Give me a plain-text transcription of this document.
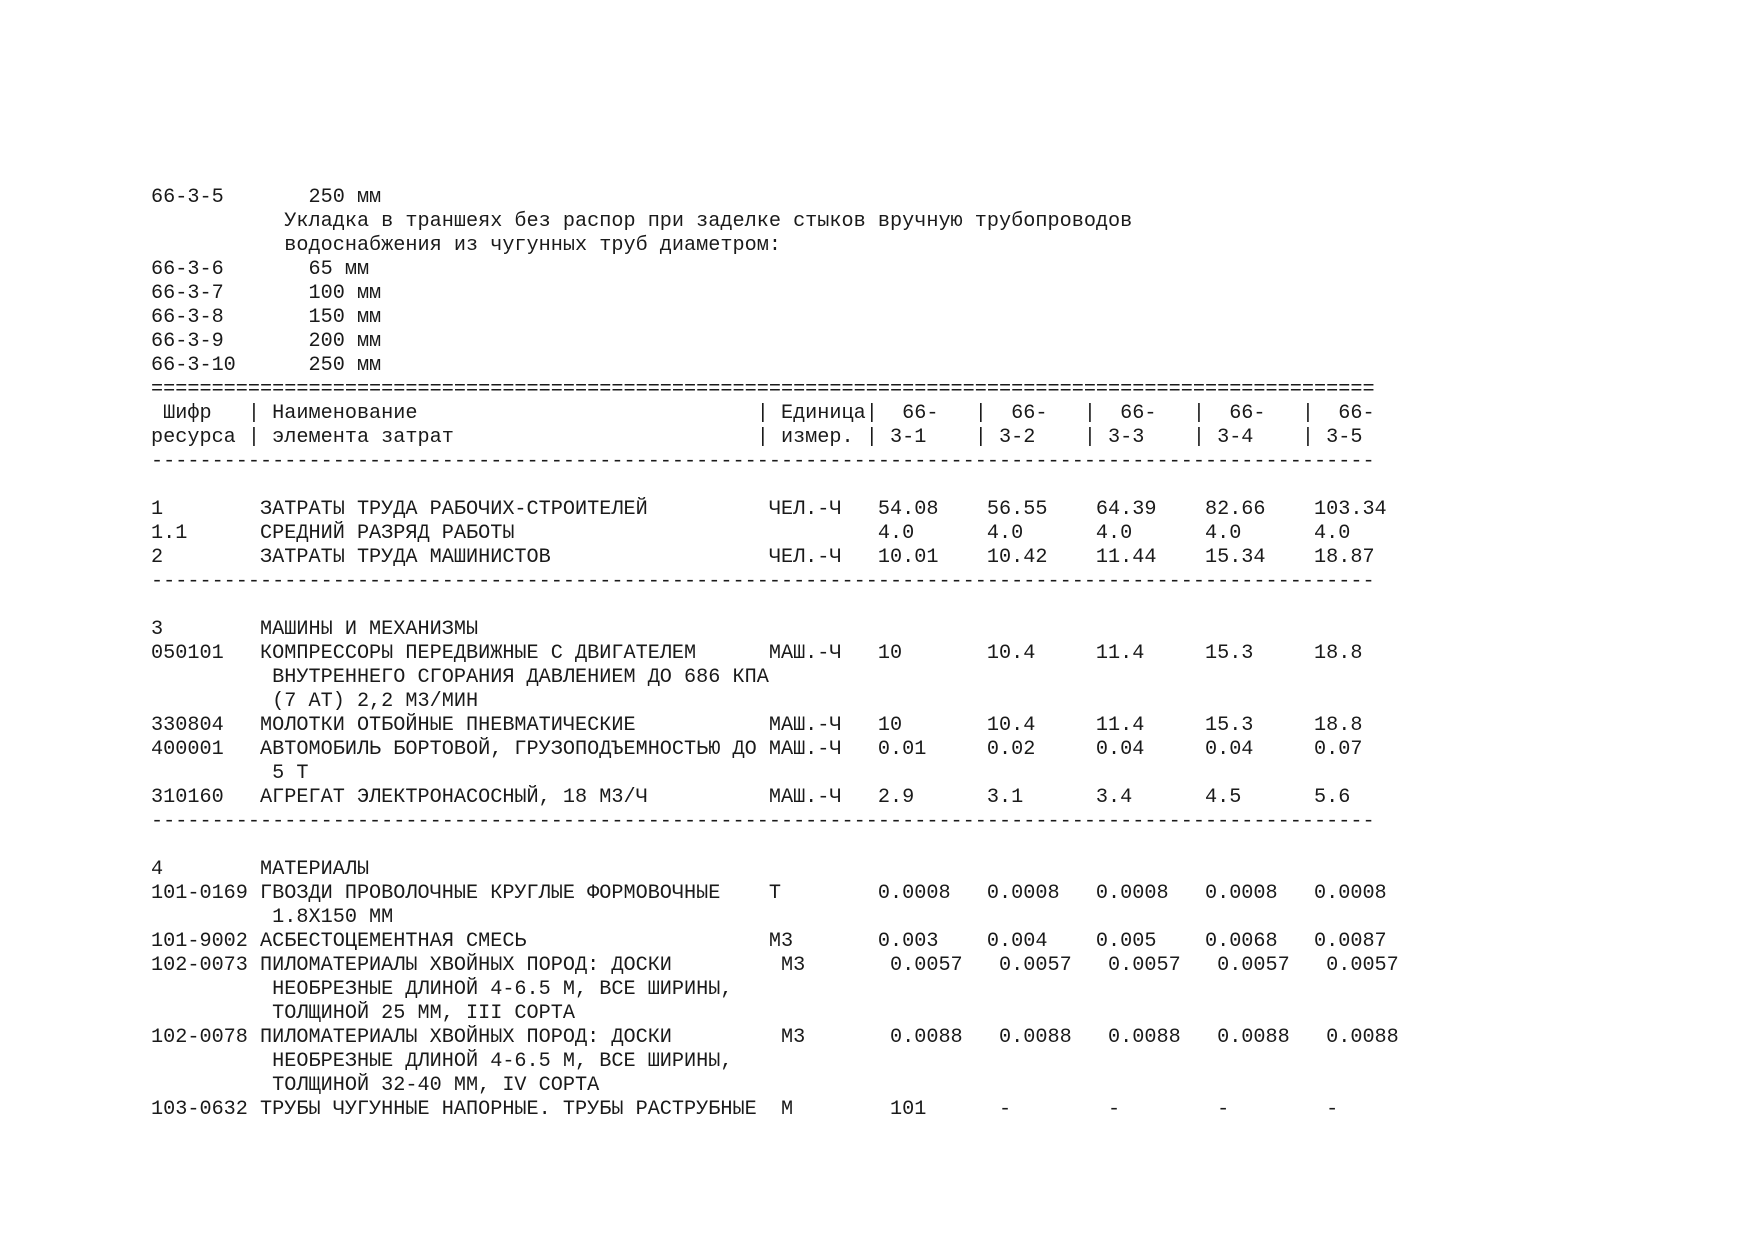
66-3-5       250 мм
Укладка в траншеях без распор при заделке стыков вручную трубопроводов
водоснабжения из чугунных труб диаметром:
66-3-6       65 мм
66-3-7       100 мм
66-3-8       150 мм
66-3-9       200 мм
66-3-10      250 мм
=====================================================================================================
Шифр   | Наименование                            | Единица|  66-   |  66-   |  66-   |  66-   |  66-
ресурса | элемента затрат                         | измер. | 3-1    | 3-2    | 3-3    | 3-4    | 3-5
-----------------------------------------------------------------------------------------------------
1        ЗАТРАТЫ ТРУДА РАБОЧИХ-СТРОИТЕЛЕЙ          ЧЕЛ.-Ч   54.08    56.55    64.39    82.66    103.34
1.1      СРЕДНИЙ РАЗРЯД РАБОТЫ                              4.0      4.0      4.0      4.0      4.0
2        ЗАТРАТЫ ТРУДА МАШИНИСТОВ                  ЧЕЛ.-Ч   10.01    10.42    11.44    15.34    18.87
-----------------------------------------------------------------------------------------------------
3        МАШИНЫ И МЕХАНИЗМЫ
050101   КОМПРЕССОРЫ ПЕРЕДВИЖНЫЕ С ДВИГАТЕЛЕМ      МАШ.-Ч   10       10.4     11.4     15.3     18.8
ВНУТРЕННЕГО СГОРАНИЯ ДАВЛЕНИЕМ ДО 686 КПА
(7 АТ) 2,2 М3/МИН
330804   МОЛОТКИ ОТБОЙНЫЕ ПНЕВМАТИЧЕСКИЕ           МАШ.-Ч   10       10.4     11.4     15.3     18.8
400001   АВТОМОБИЛЬ БОРТОВОЙ, ГРУЗОПОДЪЕМНОСТЬЮ ДО МАШ.-Ч   0.01     0.02     0.04     0.04     0.07
5 Т
310160   АГРЕГАТ ЭЛЕКТРОНАСОСНЫЙ, 18 М3/Ч          МАШ.-Ч   2.9      3.1      3.4      4.5      5.6
-----------------------------------------------------------------------------------------------------
4        МАТЕРИАЛЫ
101-0169 ГВОЗДИ ПРОВОЛОЧНЫЕ КРУГЛЫЕ ФОРМОВОЧНЫЕ    Т        0.0008   0.0008   0.0008   0.0008   0.0008
1.8Х150 ММ
101-9002 АСБЕСТОЦЕМЕНТНАЯ СМЕСЬ                    М3       0.003    0.004    0.005    0.0068   0.0087
102-0073 ПИЛОМАТЕРИАЛЫ ХВОЙНЫХ ПОРОД: ДОСКИ         М3       0.0057   0.0057   0.0057   0.0057   0.0057
НЕОБРЕЗНЫЕ ДЛИНОЙ 4-6.5 М, ВСЕ ШИРИНЫ,
ТОЛЩИНОЙ 25 ММ, III СОРТА
102-0078 ПИЛОМАТЕРИАЛЫ ХВОЙНЫХ ПОРОД: ДОСКИ         М3       0.0088   0.0088   0.0088   0.0088   0.0088
НЕОБРЕЗНЫЕ ДЛИНОЙ 4-6.5 М, ВСЕ ШИРИНЫ,
ТОЛЩИНОЙ 32-40 ММ, IV СОРТА
103-0632 ТРУБЫ ЧУГУННЫЕ НАПОРНЫЕ. ТРУБЫ РАСТРУБНЫЕ  М        101      -        -        -        -
